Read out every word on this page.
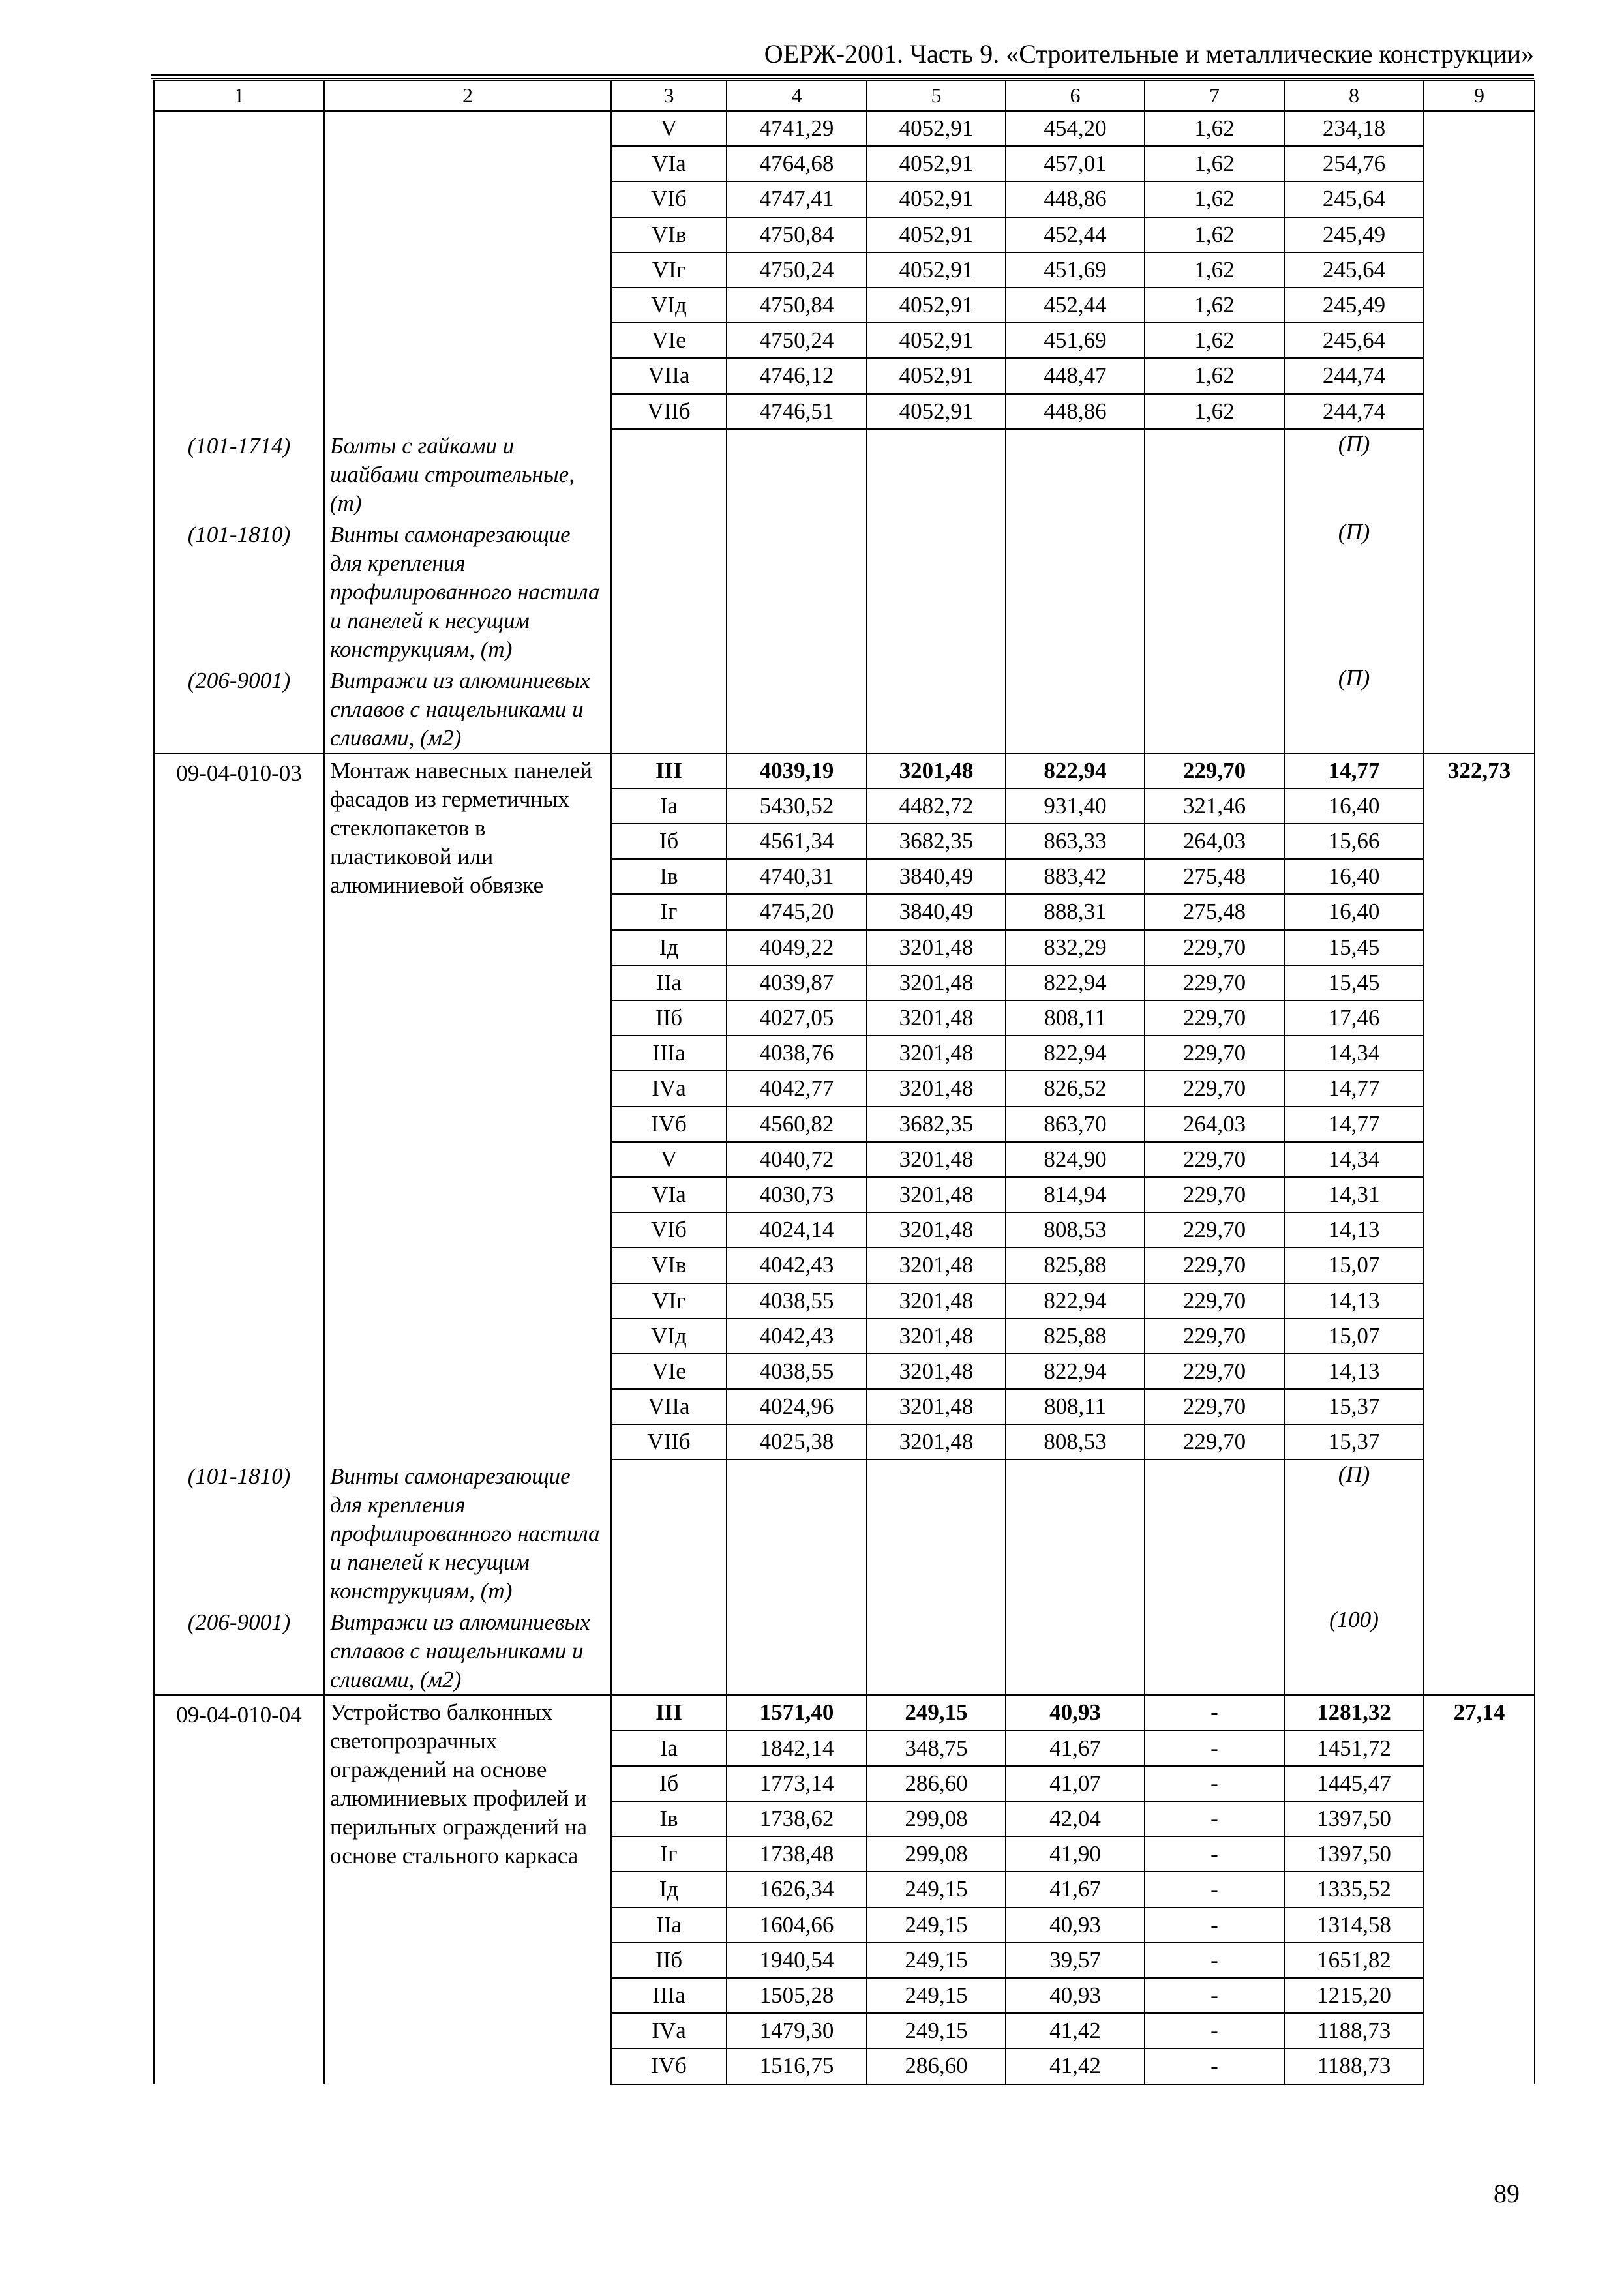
ОЕРЖ-2001. Часть 9. «Строительные и металлические конструкции»
1	2	3	4	5	6	7	8	9
		V	4741,29	4052,91	454,20	1,62	234,18	
		VIа	4764,68	4052,91	457,01	1,62	254,76	
		VIб	4747,41	4052,91	448,86	1,62	245,64	
		VIв	4750,84	4052,91	452,44	1,62	245,49	
		VIг	4750,24	4052,91	451,69	1,62	245,64	
		VIд	4750,84	4052,91	452,44	1,62	245,49	
		VIе	4750,24	4052,91	451,69	1,62	245,64	
		VIIа	4746,12	4052,91	448,47	1,62	244,74	
		VIIб	4746,51	4052,91	448,86	1,62	244,74	
(101-1714)	Болты с гайками и шайбами строительные, (т)						(П)	
(101-1810)	Винты самонарезающие для крепления профилированного настила и панелей к несущим конструкциям, (т)						(П)	
(206-9001)	Витражи из алюминиевых сплавов с нащельниками и сливами, (м2)						(П)	
09-04-010-03	Монтаж навесных панелей фасадов из герметичных стеклопакетов в пластиковой или алюминиевой обвязке	III	4039,19	3201,48	822,94	229,70	14,77	322,73
		Iа	5430,52	4482,72	931,40	321,46	16,40	
		Iб	4561,34	3682,35	863,33	264,03	15,66	
		Iв	4740,31	3840,49	883,42	275,48	16,40	
		Iг	4745,20	3840,49	888,31	275,48	16,40	
		Iд	4049,22	3201,48	832,29	229,70	15,45	
		IIа	4039,87	3201,48	822,94	229,70	15,45	
		IIб	4027,05	3201,48	808,11	229,70	17,46	
		IIIа	4038,76	3201,48	822,94	229,70	14,34	
		IVа	4042,77	3201,48	826,52	229,70	14,77	
		IVб	4560,82	3682,35	863,70	264,03	14,77	
		V	4040,72	3201,48	824,90	229,70	14,34	
		VIа	4030,73	3201,48	814,94	229,70	14,31	
		VIб	4024,14	3201,48	808,53	229,70	14,13	
		VIв	4042,43	3201,48	825,88	229,70	15,07	
		VIг	4038,55	3201,48	822,94	229,70	14,13	
		VIд	4042,43	3201,48	825,88	229,70	15,07	
		VIе	4038,55	3201,48	822,94	229,70	14,13	
		VIIа	4024,96	3201,48	808,11	229,70	15,37	
		VIIб	4025,38	3201,48	808,53	229,70	15,37	
(101-1810)	Винты самонарезающие для крепления профилированного настила и панелей к несущим конструкциям, (т)						(П)	
(206-9001)	Витражи из алюминиевых сплавов с нащельниками и сливами, (м2)						(100)	
09-04-010-04	Устройство балконных светопрозрачных ограждений на основе алюминиевых профилей и перильных ограждений на основе стального каркаса	III	1571,40	249,15	40,93	-	1281,32	27,14
		Iа	1842,14	348,75	41,67	-	1451,72	
		Iб	1773,14	286,60	41,07	-	1445,47	
		Iв	1738,62	299,08	42,04	-	1397,50	
		Iг	1738,48	299,08	41,90	-	1397,50	
		Iд	1626,34	249,15	41,67	-	1335,52	
		IIа	1604,66	249,15	40,93	-	1314,58	
		IIб	1940,54	249,15	39,57	-	1651,82	
		IIIа	1505,28	249,15	40,93	-	1215,20	
		IVа	1479,30	249,15	41,42	-	1188,73	
		IVб	1516,75	286,60	41,42	-	1188,73	
89
